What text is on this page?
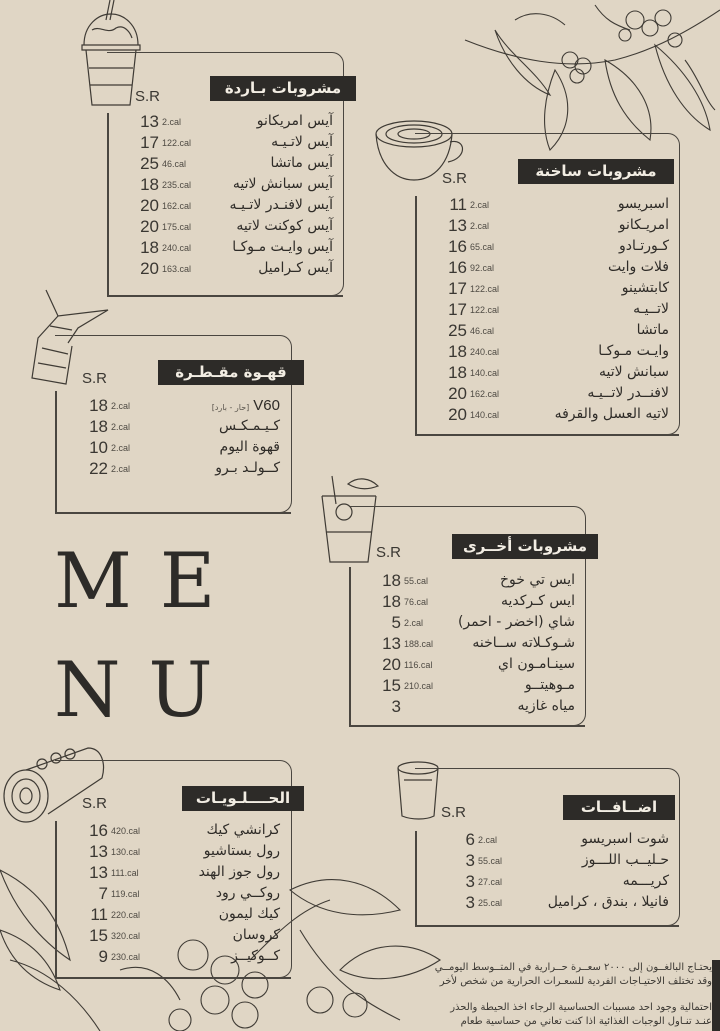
S.R	مشروبات بـاردة
13 2.cal	آيس امريكانو
17 122.cal	آيس لاتـيـه
25 46.cal	آيس ماتشا
18 235.cal	آيس سبانش لاتيه
20 162.cal	آيس لافنـدر لاتـيـه
20 175.cal	آيس كوكنت لاتيه
18 240.cal	آيس وايـت مـوكـا
20 163.cal	آيس كـراميل
S.R	مشروبات ساخنة
11 2.cal	اسبريسو
13 2.cal	امريـكانو
16 65.cal	كـورتـادو
16 92.cal	فلات وايت
17 122.cal	كابتشينو
17 122.cal	لاتــيـه
25 46.cal	ماتشا
18 240.cal	وايـت مـوكـا
18 140.cal	سبانش لاتيه
20 162.cal	لافنــدر لاتــيـه
20 140.cal	لاتيه العسل والقرفه
S.R	قهـوة مقـطـرة
18 2.cal	V60[حار - بارد]
18 2.cal	كـيـمـكـس
10 2.cal	قهوة اليوم
22 2.cal	كــولـد بـرو
S.R	مشروبات أخــرى
18 55.cal	ايس تي خوخ
18 76.cal	ايس كـركديه
5 2.cal شاي (اخضر - احمر)
13 188.cal	شـوكـلاته ســاخنه
20 116.cal	سينـامـون اي
15 210.cal	مـوهيتــو
3	مياه غازيه
ME
NU
S.R	الحــــلـويـات
16 420.cal	كرانشي كيك
13 130.cal	رول بستاشيو
13 111.cal	رول جوز الهند
7 119.cal	روكــي رود
11 220.cal	كيك ليمون
15 320.cal	كروسان
9 230.cal	كــوكيــز
S.R	اضــافــات
6 2.cal	شوت اسبريسو
3 55.cal	حـليــب اللـــوز
3 27.cal	كريـــمه
3 25.cal	فانيلا ، بندق ، كراميل
يحتـاج البالغــون إلى ٢٠٠٠ سعــرة حــرارية في المتــوسط اليومــي
وقد تختلف الاحتيـاجات الفردية للسعـرات الحرارية من شخص لأخر
احتمالية وجود احد مسببات الحساسية الرجاء اخذ الحيطة والحذر
عنـد تنـاول الوجبات الغذائية اذا كنت تعاني من حساسية طعام
